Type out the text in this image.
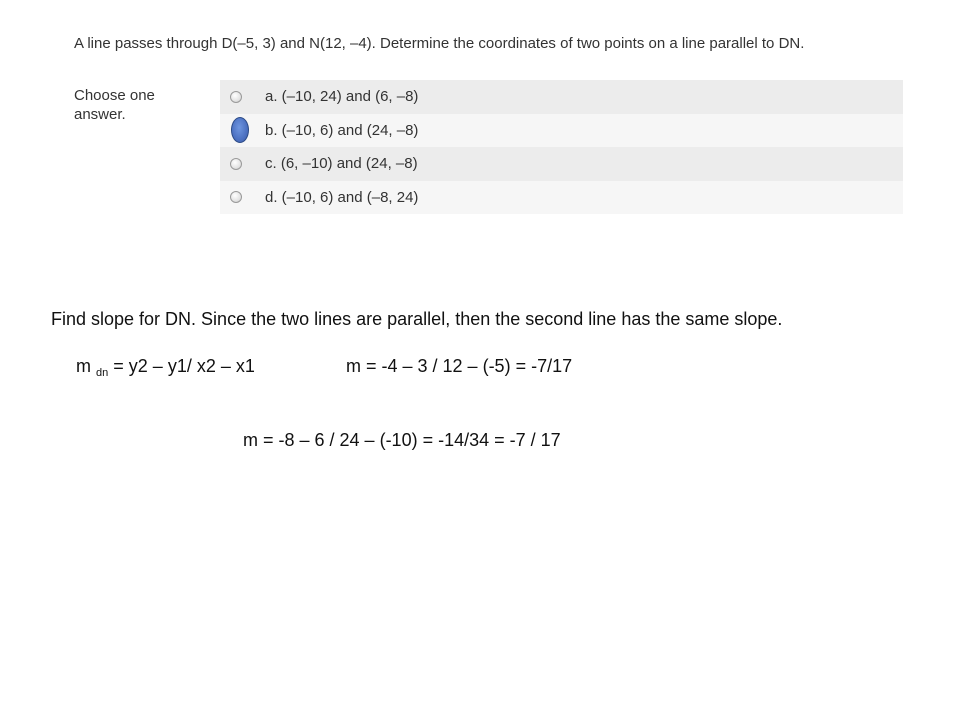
A line passes through D(–5, 3) and N(12, –4). Determine the coordinates of two points on a line parallel to DN.
Choose one answer.
a. (–10, 24) and (6, –8)
b. (–10, 6) and (24, –8)
c. (6, –10) and (24, –8)
d. (–10, 6) and (–8, 24)
Find slope for DN. Since the two lines are parallel, then the second line has the same slope.
m $_{dn}$ = y2 – y1/ x2 – x1	m = -4 – 3 / 12 – (-5) = -7/17
m = -8 – 6 / 24 – (-10) = -14/34 = -7 / 17
